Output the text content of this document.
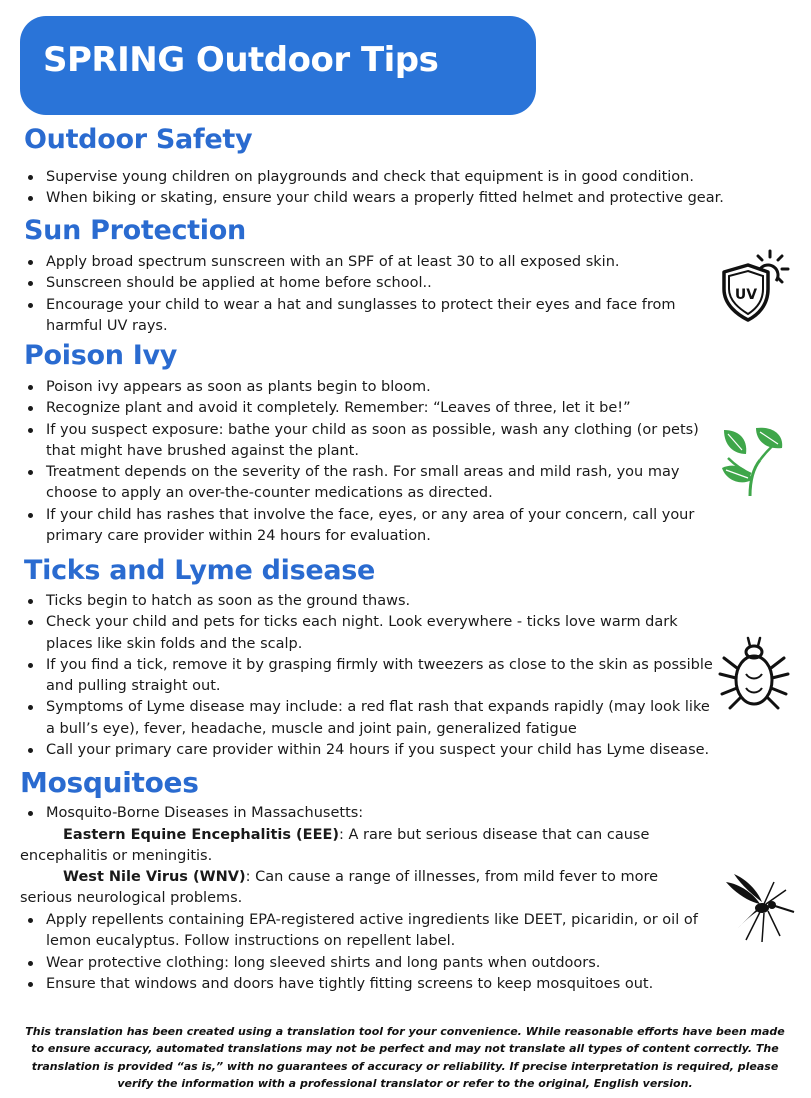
SPRING Outdoor Tips
Outdoor Safety
Supervise young children on playgrounds and check that equipment is in good condition.
When biking or skating, ensure your child wears a properly fitted helmet and protective gear.
Sun Protection
Apply broad spectrum sunscreen with an SPF of at least 30 to all exposed skin.
Sunscreen should be applied at home before school..
Encourage your child to wear a hat and sunglasses to protect their eyes and face from harmful UV rays.
UV
Poison Ivy
Poison ivy appears as soon as plants begin to bloom.
Recognize plant and avoid it completely. Remember: “Leaves of three, let it be!”
If you suspect exposure: bathe your child as soon as possible, wash any clothing (or pets) that might have brushed against the plant.
Treatment depends on the severity of the rash. For small areas and mild rash, you may choose to apply an over-the-counter medications as directed.
If your child has rashes that involve the face, eyes, or any area of your concern, call your primary care provider within 24 hours for evaluation.
Ticks and Lyme disease
Ticks begin to hatch as soon as the ground thaws.
Check your child and pets for ticks each night. Look everywhere - ticks love warm dark places like skin folds and the scalp.
If you find a tick, remove it by grasping firmly with tweezers as close to the skin as possible and pulling straight out.
Symptoms of Lyme disease may include: a red flat rash that expands rapidly (may look like a bull’s eye), fever, headache, muscle and joint pain, generalized fatigue
Call your primary care provider within 24 hours if you suspect your child has Lyme disease.
Mosquitoes
Mosquito-Borne Diseases in Massachusetts:

Eastern Equine Encephalitis (EEE): A rare but serious disease that can cause encephalitis or meningitis.

West Nile Virus (WNV): Can cause a range of illnesses, from mild fever to more serious neurological problems.

Apply repellents containing EPA-registered active ingredients like DEET, picaridin, or oil of lemon eucalyptus. Follow instructions on repellent label.
Wear protective clothing: long sleeved shirts and long pants when outdoors.
Ensure that windows and doors have tightly fitting screens to keep mosquitoes out.

This translation has been created using a translation tool for your convenience. While reasonable efforts have been made to ensure accuracy, automated translations may not be perfect and may not translate all types of content correctly. The translation is provided “as is,” with no guarantees of accuracy or reliability. If precise interpretation is required, please verify the information with a professional translator or refer to the original, English version.
